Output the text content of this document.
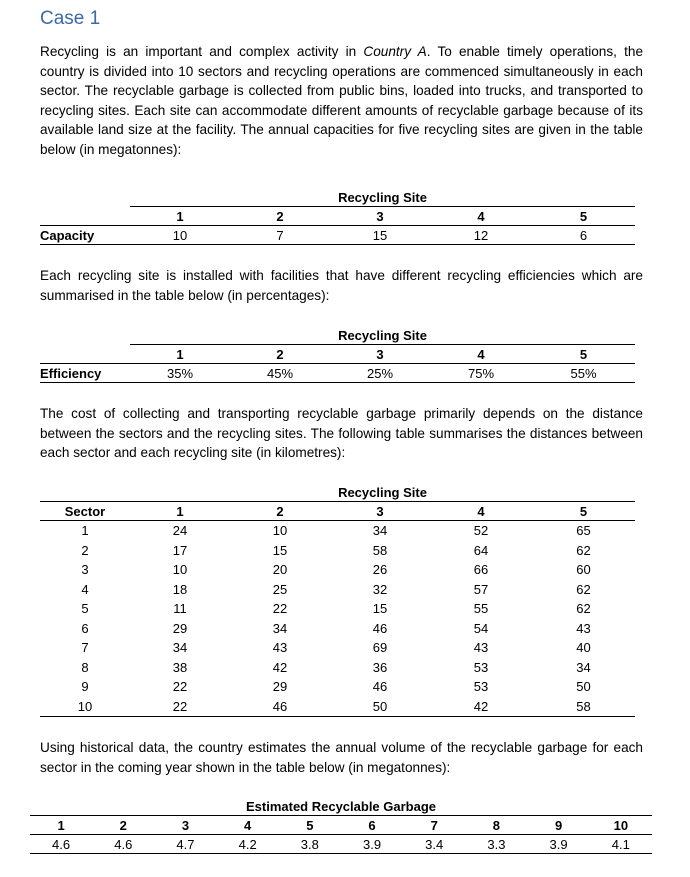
Case 1

Recycling is an important and complex activity in Country A. To enable timely operations, the country is divided into 10 sectors and recycling operations are commenced simultaneously in each sector. The recyclable garbage is collected from public bins, loaded into trucks, and transported to recycling sites. Each site can accommodate different amounts of recyclable garbage because of its available land size at the facility. The annual capacities for five recycling sites are given in the table below (in megatonnes):

	Recycling Site				
	1	2	3	4	5
Capacity	10	7	15	12	6

Each recycling site is installed with facilities that have different recycling efficiencies which are summarised in the table below (in percentages):

	Recycling Site				
	1	2	3	4	5
Efficiency	35%	45%	25%	75%	55%

The cost of collecting and transporting recyclable garbage primarily depends on the distance between the sectors and the recycling sites. The following table summarises the distances between each sector and each recycling site (in kilometres):

	Recycling Site				
Sector	1	2	3	4	5
1	24	10	34	52	65
2	17	15	58	64	62
3	10	20	26	66	60
4	18	25	32	57	62
5	11	22	15	55	62
6	29	34	46	54	43
7	34	43	69	43	40
8	38	42	36	53	34
9	22	29	46	53	50
10	22	46	50	42	58

Using historical data, the country estimates the annual volume of the recyclable garbage for each sector in the coming year shown in the table below (in megatonnes):

Estimated Recyclable Garbage									
1	2	3	4	5	6	7	8	9	10
4.6	4.6	4.7	4.2	3.8	3.9	3.4	3.3	3.9	4.1
